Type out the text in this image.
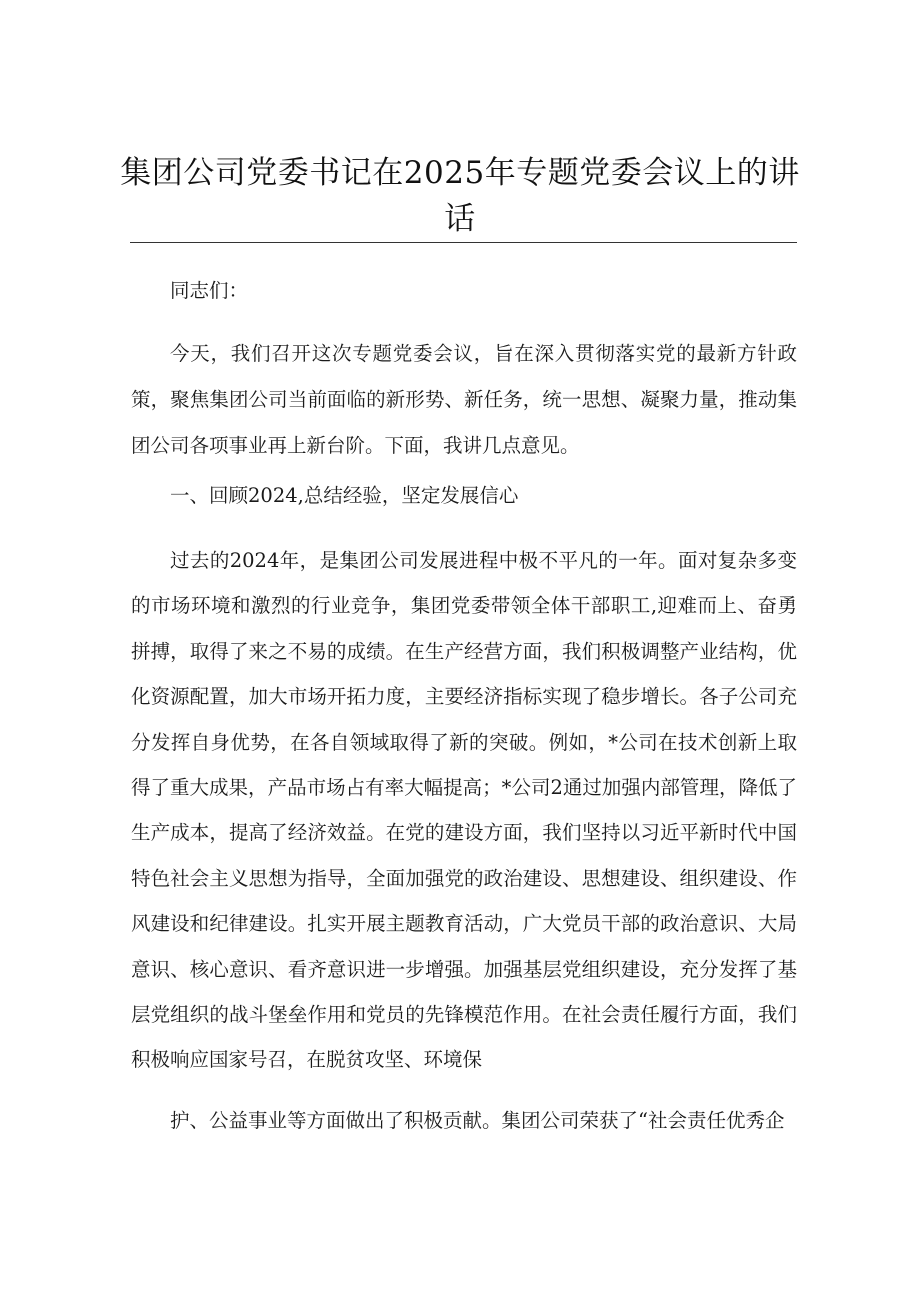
集团公司党委书记在2025年专题党委会议上的讲话

同志们：

今天，我们召开这次专题党委会议，旨在深入贯彻落实党的最新方针政策，聚焦集团公司当前面临的新形势、新任务，统一思想、凝聚力量，推动集团公司各项事业再上新台阶。下面，我讲几点意见。

一、回顾2024,总结经验，坚定发展信心

过去的2024年，是集团公司发展进程中极不平凡的一年。面对复杂多变的市场环境和激烈的行业竞争，集团党委带领全体干部职工,迎难而上、奋勇拼搏，取得了来之不易的成绩。在生产经营方面，我们积极调整产业结构，优化资源配置，加大市场开拓力度，主要经济指标实现了稳步增长。各子公司充分发挥自身优势，在各自领域取得了新的突破。例如，*公司在技术创新上取得了重大成果，产品市场占有率大幅提高；*公司2通过加强内部管理，降低了生产成本，提高了经济效益。在党的建设方面，我们坚持以习近平新时代中国特色社会主义思想为指导，全面加强党的政治建设、思想建设、组织建设、作风建设和纪律建设。扎实开展主题教育活动，广大党员干部的政治意识、大局意识、核心意识、看齐意识进一步增强。加强基层党组织建设，充分发挥了基层党组织的战斗堡垒作用和党员的先锋模范作用。在社会责任履行方面，我们积极响应国家号召，在脱贫攻坚、环境保

护、公益事业等方面做出了积极贡献。集团公司荣获了“社会责任优秀企
